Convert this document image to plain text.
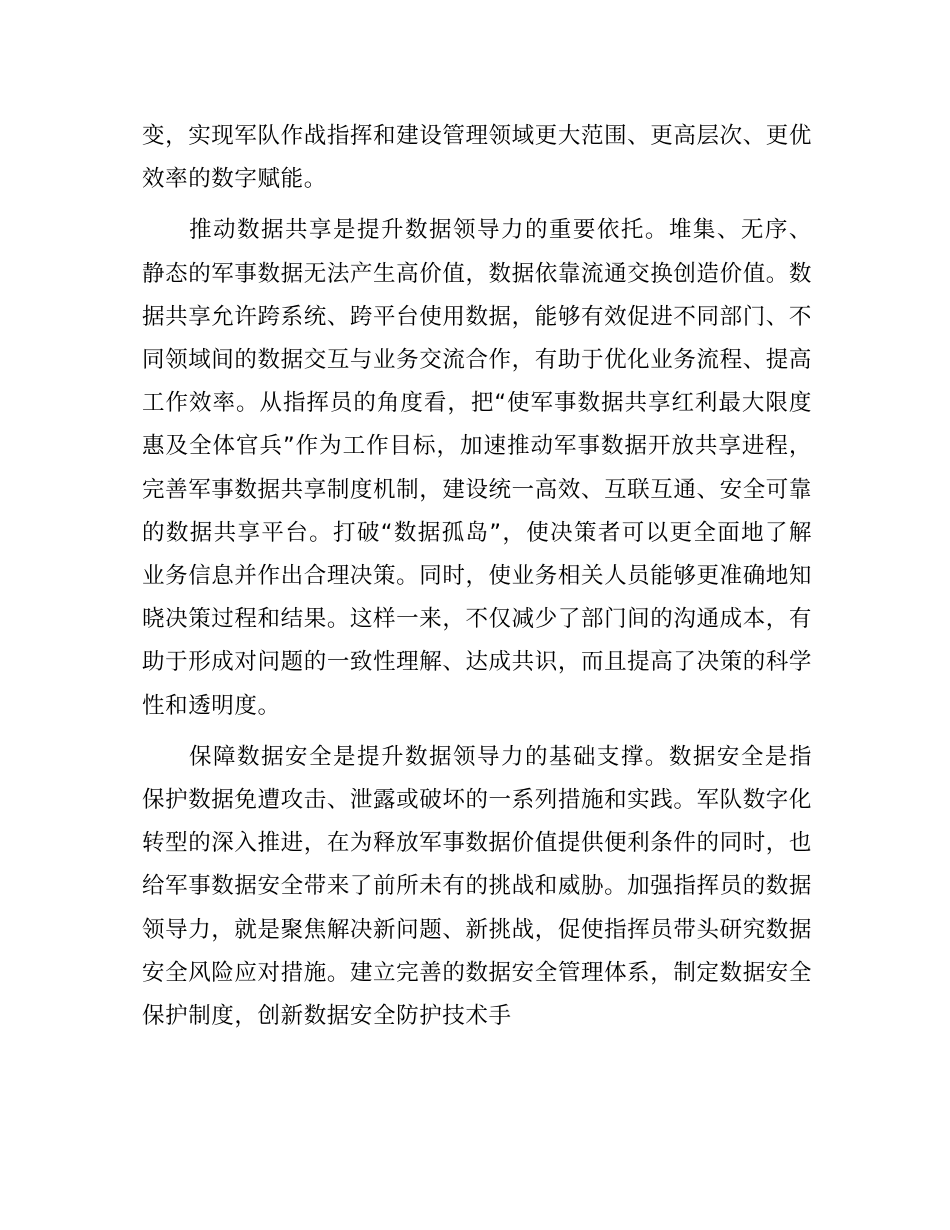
变，实现军队作战指挥和建设管理领域更大范围、更高层次、更优效率的数字赋能。

推动数据共享是提升数据领导力的重要依托。堆集、无序、静态的军事数据无法产生高价值，数据依靠流通交换创造价值。数据共享允许跨系统、跨平台使用数据，能够有效促进不同部门、不同领域间的数据交互与业务交流合作，有助于优化业务流程、提高工作效率。从指挥员的角度看，把“使军事数据共享红利最大限度惠及全体官兵”作为工作目标，加速推动军事数据开放共享进程，完善军事数据共享制度机制，建设统一高效、互联互通、安全可靠的数据共享平台。打破“数据孤岛”，使决策者可以更全面地了解业务信息并作出合理决策。同时，使业务相关人员能够更准确地知晓决策过程和结果。这样一来，不仅减少了部门间的沟通成本，有助于形成对问题的一致性理解、达成共识，而且提高了决策的科学性和透明度。

保障数据安全是提升数据领导力的基础支撑。数据安全是指保护数据免遭攻击、泄露或破坏的一系列措施和实践。军队数字化转型的深入推进，在为释放军事数据价值提供便利条件的同时，也给军事数据安全带来了前所未有的挑战和威胁。加强指挥员的数据领导力，就是聚焦解决新问题、新挑战，促使指挥员带头研究数据安全风险应对措施。建立完善的数据安全管理体系，制定数据安全保护制度，创新数据安全防护技术手
